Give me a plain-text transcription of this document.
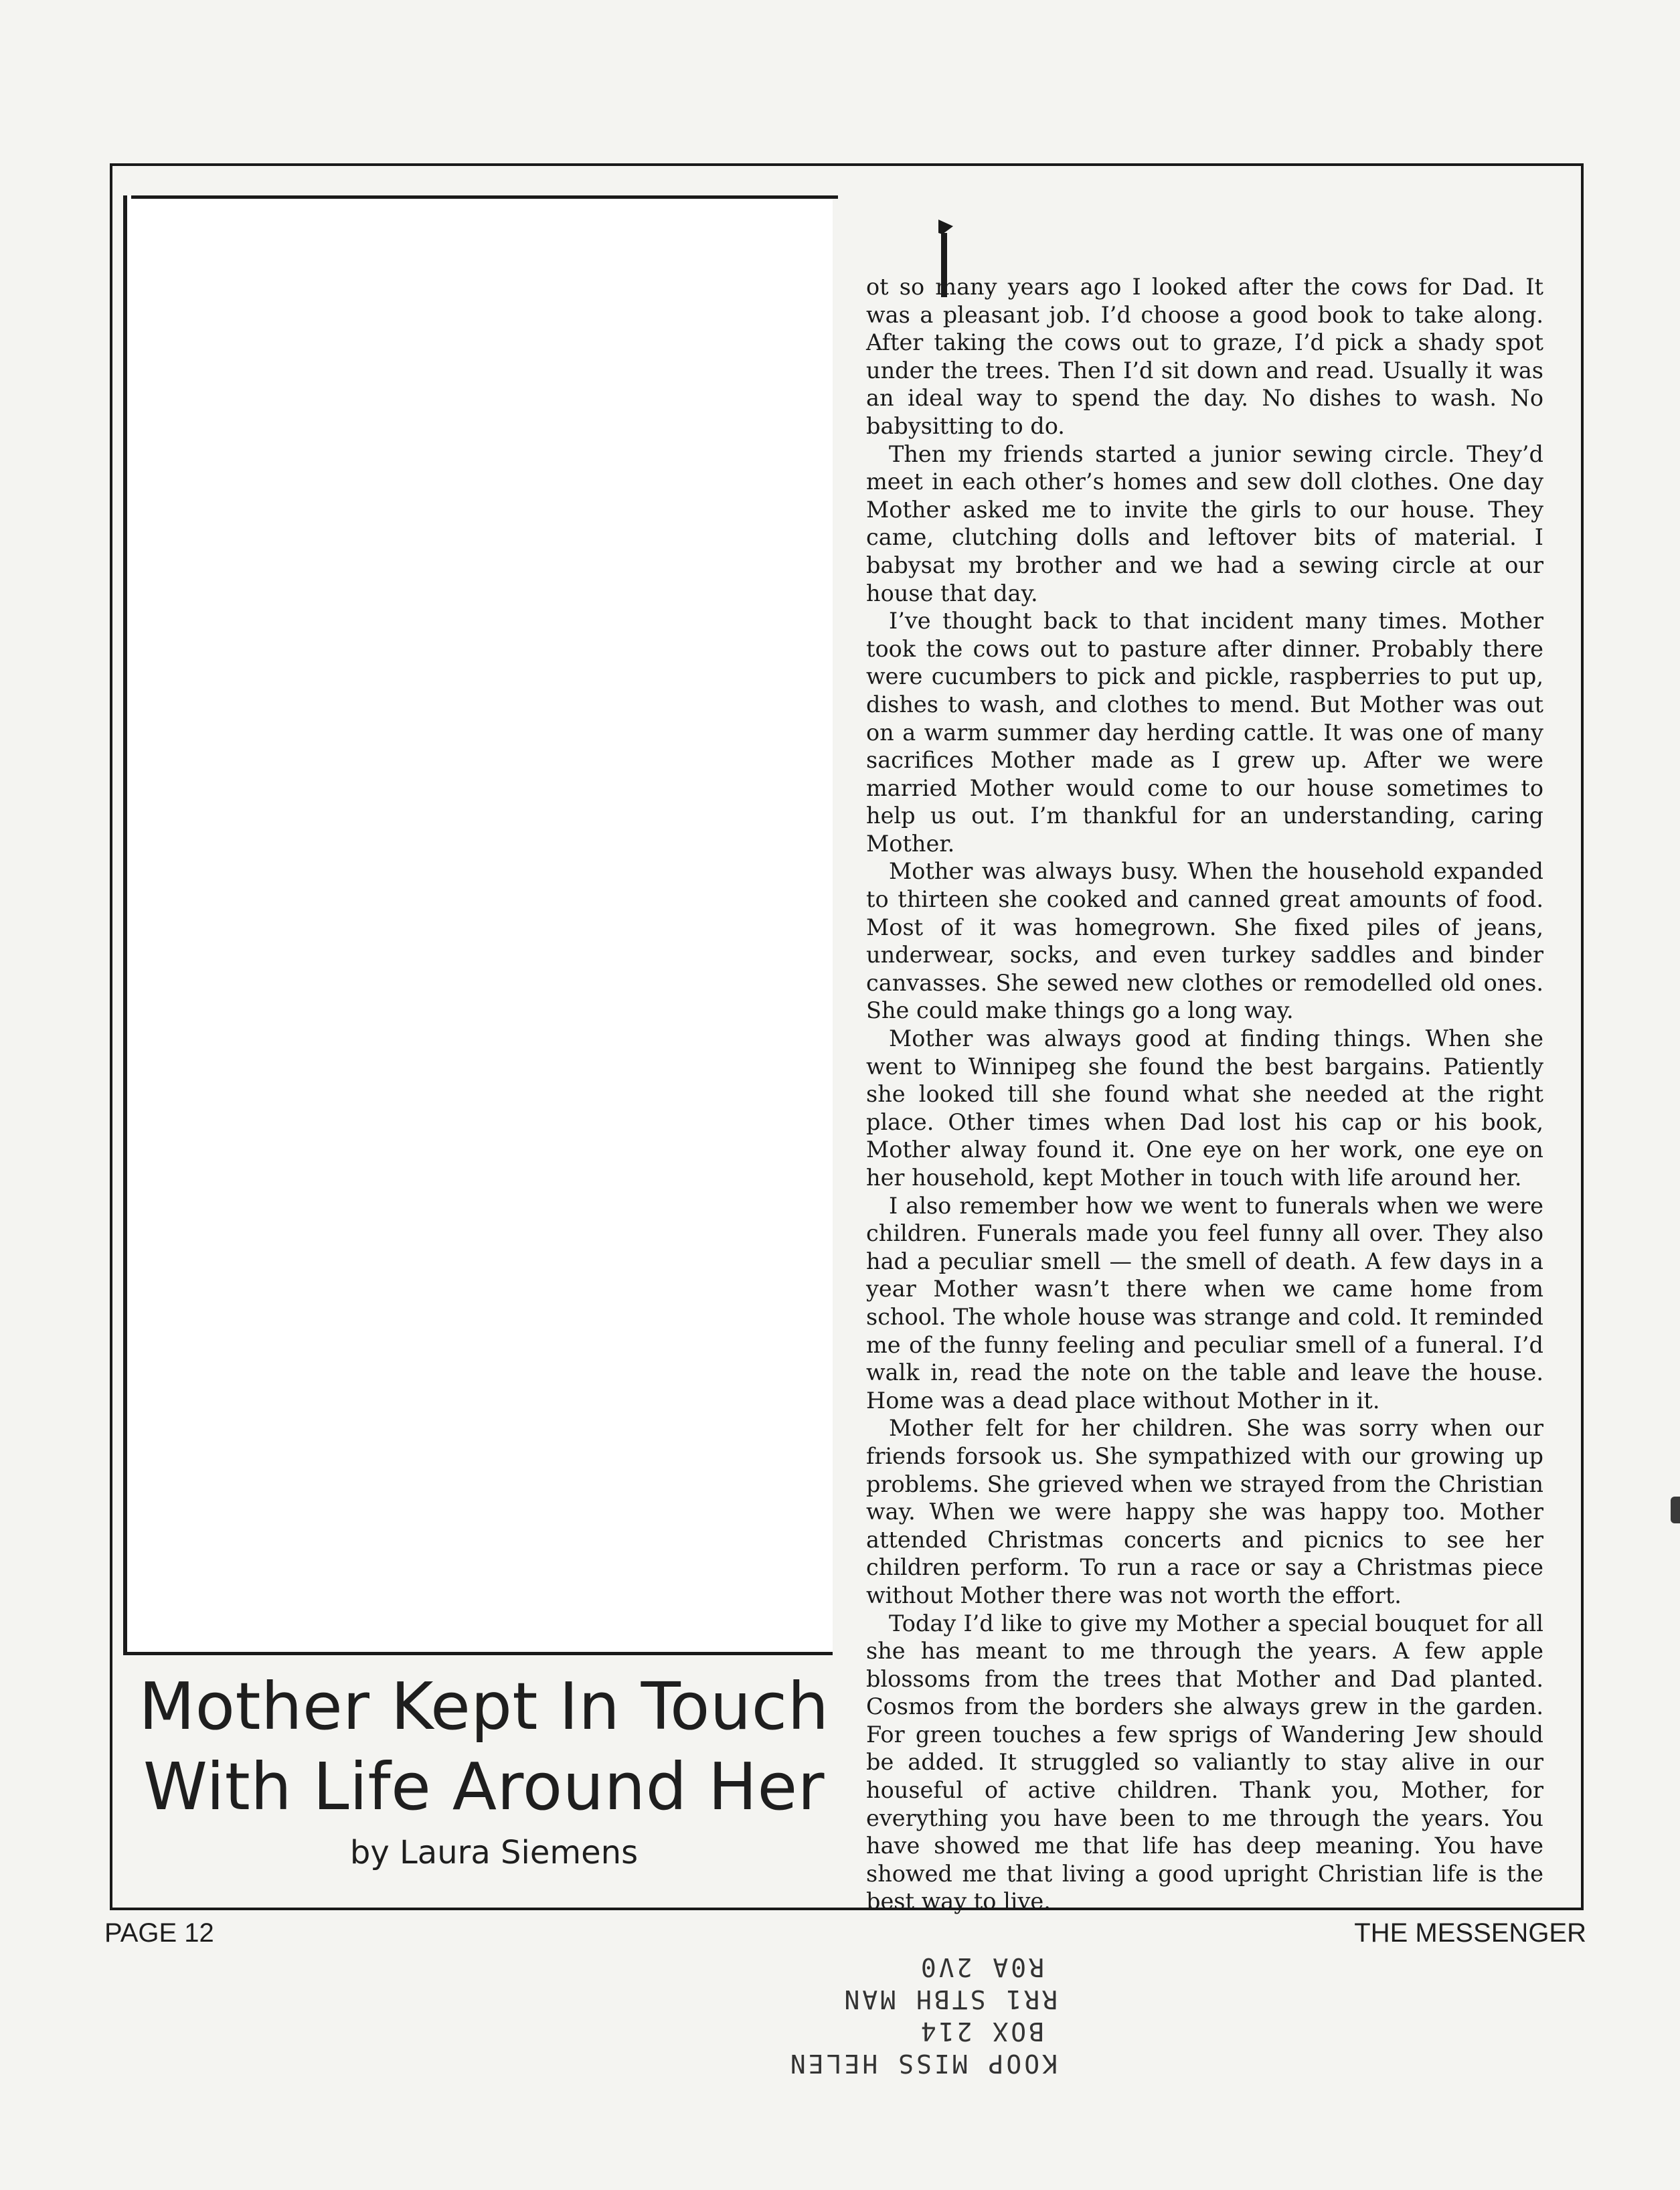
Mother Kept In Touch
With Life Around Her
by Laura Siemens

ot so many years ago I looked after the cows for Dad. It was a pleasant job. I’d choose a good book to take along. After taking the cows out to graze, I’d pick a shady spot under the trees. Then I’d sit down and read. Usually it was an ideal way to spend the day. No dishes to wash. No babysitting to do.

Then my friends started a junior sewing circle. They’d meet in each other’s homes and sew doll clothes. One day Mother asked me to invite the girls to our house. They came, clutching dolls and leftover bits of material. I babysat my brother and we had a sewing circle at our house that day.

I’ve thought back to that incident many times. Mother took the cows out to pasture after dinner. Probably there were cucumbers to pick and pickle, raspberries to put up, dishes to wash, and clothes to mend. But Mother was out on a warm summer day herding cattle. It was one of many sacrifices Mother made as I grew up. After we were married Mother would come to our house sometimes to help us out. I’m thankful for an understanding, caring Mother.

Mother was always busy. When the household expanded to thirteen she cooked and canned great amounts of food. Most of it was homegrown. She fixed piles of jeans, underwear, socks, and even turkey saddles and binder canvasses. She sewed new clothes or remodelled old ones. She could make things go a long way.

Mother was always good at finding things. When she went to Winnipeg she found the best bargains. Patiently she looked till she found what she needed at the right place. Other times when Dad lost his cap or his book, Mother alway found it. One eye on her work, one eye on her household, kept Mother in touch with life around her.

I also remember how we went to funerals when we were children. Funerals made you feel funny all over. They also had a peculiar smell — the smell of death. A few days in a year Mother wasn’t there when we came home from school. The whole house was strange and cold. It reminded me of the funny feeling and peculiar smell of a funeral. I’d walk in, read the note on the table and leave the house. Home was a dead place without Mother in it.

Mother felt for her children. She was sorry when our friends forsook us. She sympathized with our growing up problems. She grieved when we strayed from the Christian way. When we were happy she was happy too. Mother attended Christmas concerts and picnics to see her children perform. To run a race or say a Christmas piece without Mother there was not worth the effort.

Today I’d like to give my Mother a special bouquet for all she has meant to me through the years. A few apple blossoms from the trees that Mother and Dad planted. Cosmos from the borders she always grew in the garden. For green touches a few sprigs of Wandering Jew should be added. It struggled so valiantly to stay alive in our houseful of active children. Thank you, Mother, for everything you have been to me through the years. You have showed me that life has deep meaning. You have showed me that living a good upright Christian life is the best way to live.

PAGE 12	THE MESSENGER
KOOP MISS HELEN
BOX 214
RR1 STBH MAN
R0A 2V0
